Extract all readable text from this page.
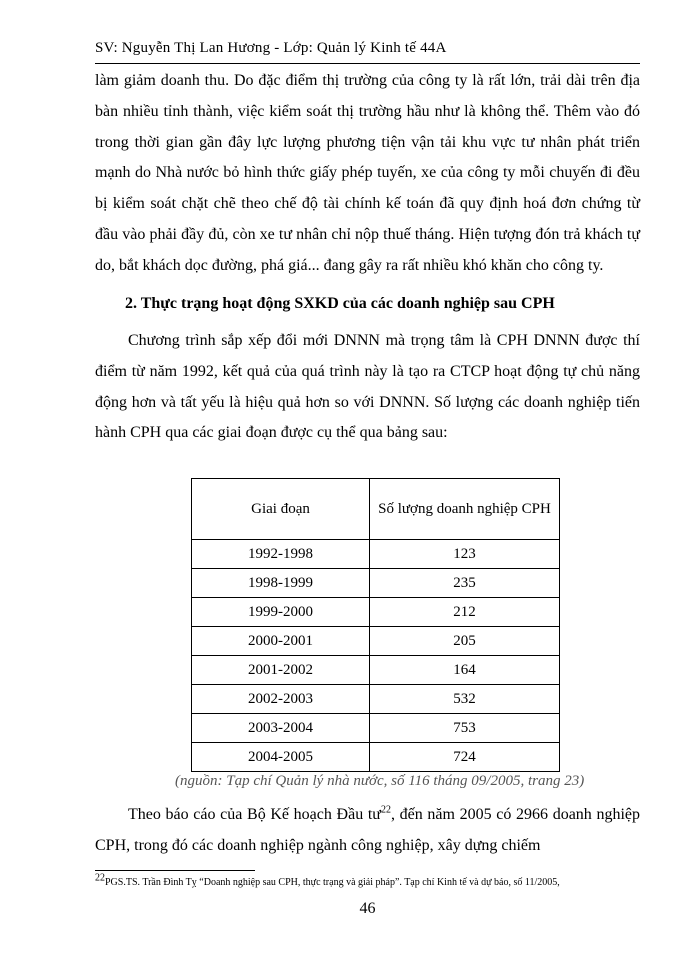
SV: Nguyễn Thị Lan Hương - Lớp: Quản lý Kinh tế 44A

làm giảm doanh thu. Do đặc điểm thị trường của công ty là rất lớn, trải dài trên địa bàn nhiều tỉnh thành, việc kiểm soát thị trường hầu như là không thể. Thêm vào đó trong thời gian gần đây lực lượng phương tiện vận tải khu vực tư nhân phát triển mạnh do Nhà nước bỏ hình thức giấy phép tuyến, xe của công ty mỗi chuyến đi đều bị kiểm soát chặt chẽ theo chế độ tài chính kế toán đã quy định hoá đơn chứng từ đầu vào phải đầy đủ, còn xe tư nhân chỉ nộp thuế tháng. Hiện tượng đón trả khách tự do, bắt khách dọc đường, phá giá... đang gây ra rất nhiều khó khăn cho công ty.

2. Thực trạng hoạt động SXKD của các doanh nghiệp sau CPH

Chương trình sắp xếp đổi mới DNNN mà trọng tâm là CPH DNNN được thí điểm từ năm 1992, kết quả của quá trình này là tạo ra CTCP hoạt động tự chủ năng động hơn và tất yếu là hiệu quả hơn so với DNNN. Số lượng các doanh nghiệp tiến hành CPH qua các giai đoạn được cụ thể qua bảng sau:

Giai đoạn	Số lượng doanh nghiệp CPH
1992-1998	123
1998-1999	235
1999-2000	212
2000-2001	205
2001-2002	164
2002-2003	532
2003-2004	753
2004-2005	724
(nguồn: Tạp chí Quản lý nhà nước, số 116 tháng 09/2005, trang 23)

Theo báo cáo của Bộ Kế hoạch Đầu $tư^{22}$, đến năm 2005 có 2966 doanh nghiệp CPH, trong đó các doanh nghiệp ngành công nghiệp, xây dựng chiếm

22PGS.TS. Trần Đình Tỵ “Doanh nghiệp sau CPH, thực trạng và giải pháp”. Tạp chí Kinh tế và dự báo, số 11/2005,
46
